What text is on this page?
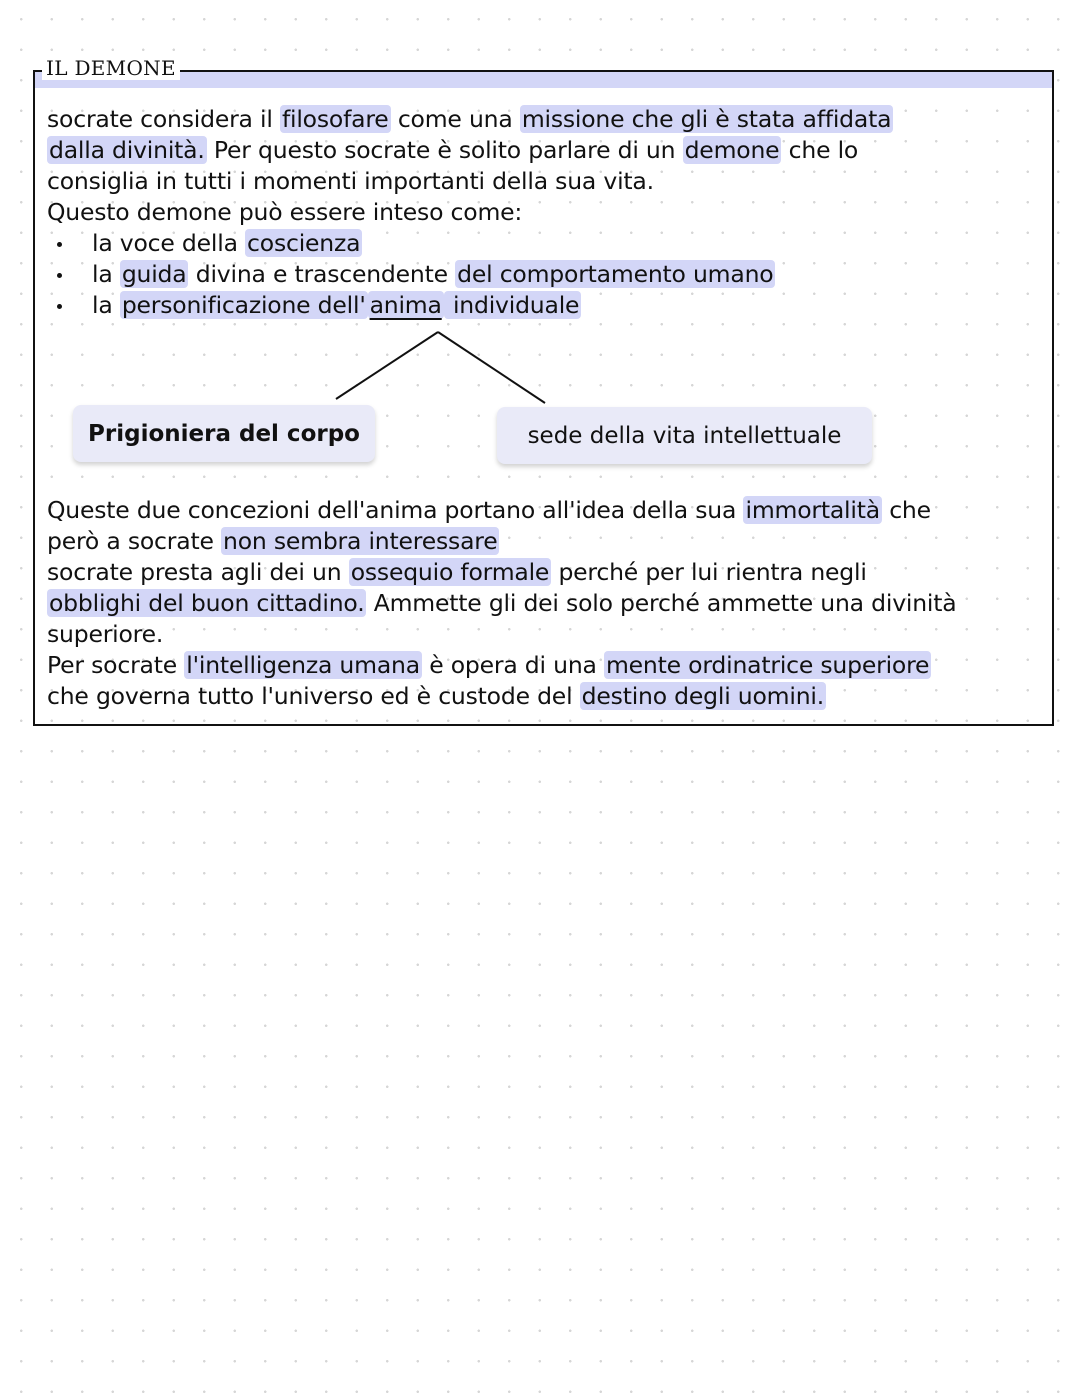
IL DEMONE
socrate considera il filosofare come una missione che gli è stata affidata
dalla divinità. Per questo socrate è solito parlare di un demone che lo
consiglia in tutti i momenti importanti della sua vita.
Questo demone può essere inteso come:
la voce della coscienza
la guida divina e trascendente del comportamento umano
la personificazione dell' anima individuale
Prigioniera del corpo	sede della vita intellettuale
Queste due concezioni dell'anima portano all'idea della sua immortalità che
però a socrate non sembra interessare
socrate presta agli dei un ossequio formale perché per lui rientra negli
obblighi del buon cittadino. Ammette gli dei solo perché ammette una divinità
superiore.
Per socrate l'intelligenza umana è opera di una mente ordinatrice superiore
che governa tutto l'universo ed è custode del destino degli uomini.
